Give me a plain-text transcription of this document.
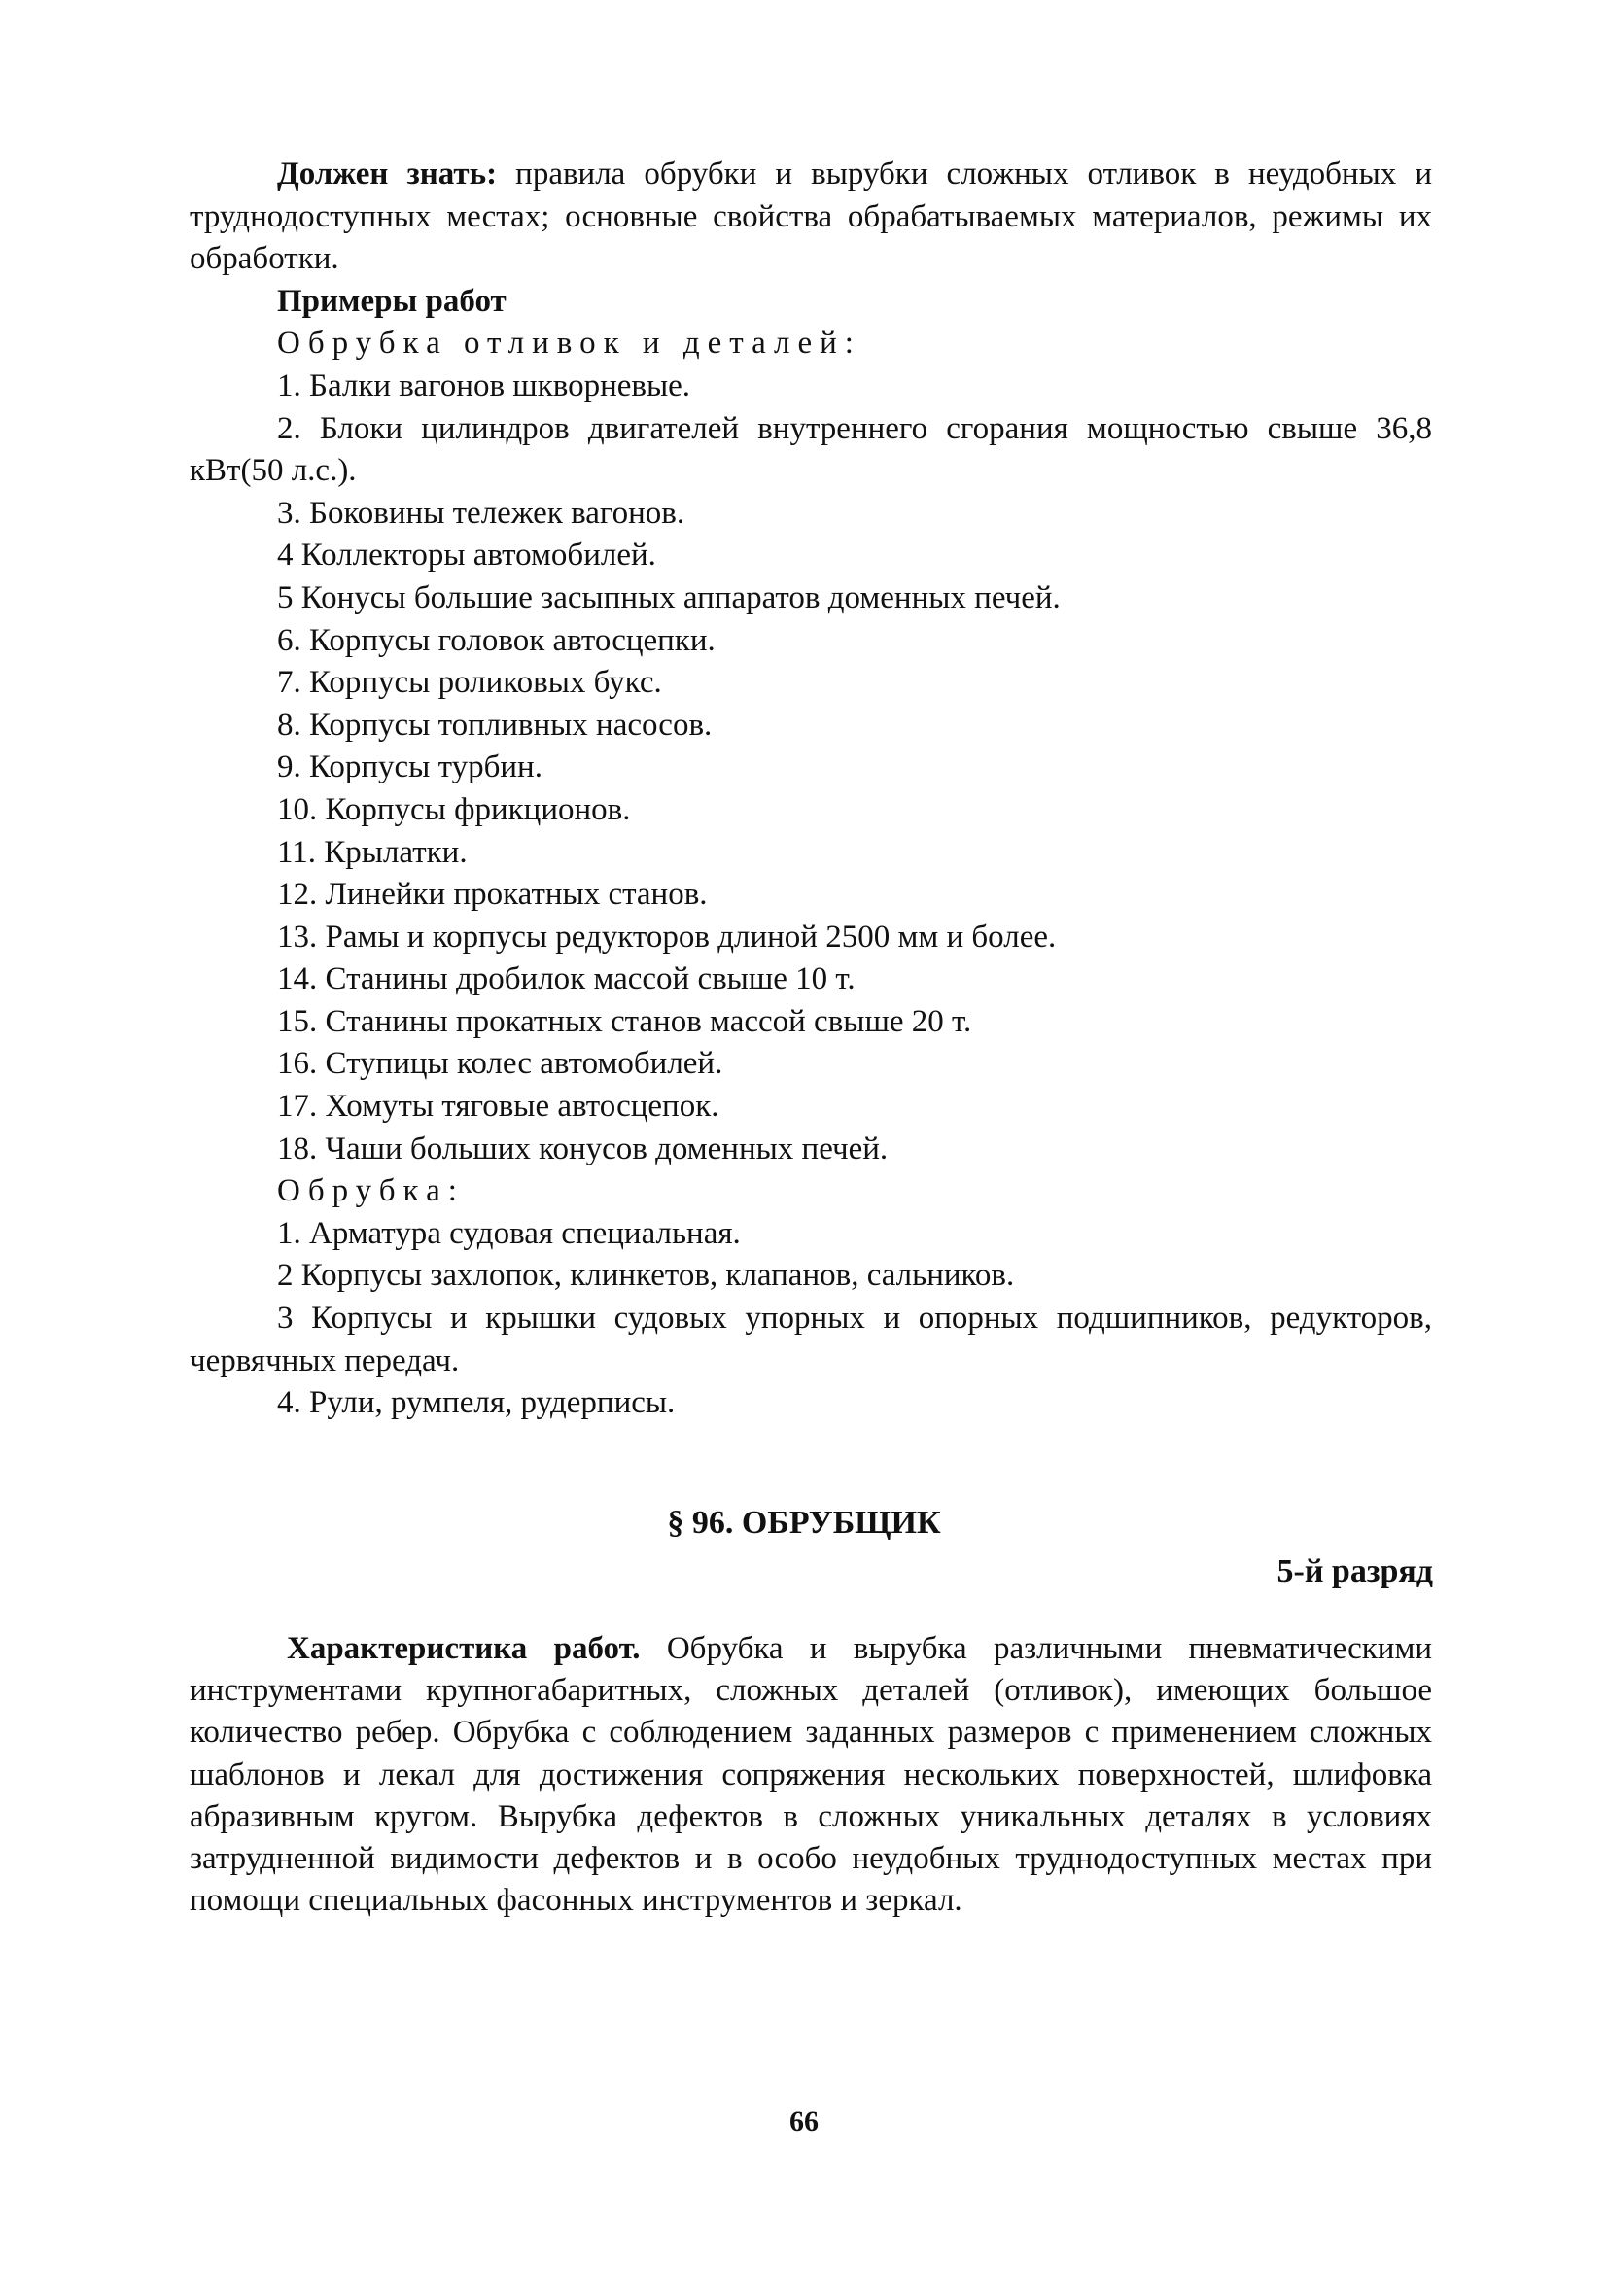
Должен знать: правила обрубки и вырубки сложных отливок в неудобных и труднодоступных местах; основные свойства обрабатываемых материалов, режимы их обработки.

Примеры работ

Обрубка отливок и деталей:

1. Балки вагонов шкворневые.

2. Блоки цилиндров двигателей внутреннего сгорания мощностью свыше 36,8 кВт(50 л.с.).

3. Боковины тележек вагонов.

4 Коллекторы автомобилей.

5 Конусы большие засыпных аппаратов доменных печей.

6. Корпусы головок автосцепки.

7. Корпусы роликовых букс.

8. Корпусы топливных насосов.

9. Корпусы турбин.

10. Корпусы фрикционов.

11. Крылатки.

12. Линейки прокатных станов.

13. Рамы и корпусы редукторов длиной 2500 мм и более.

14. Станины дробилок массой свыше 10 т.

15. Станины прокатных станов массой свыше 20 т.

16. Ступицы колес автомобилей.

17. Хомуты тяговые автосцепок.

18. Чаши больших конусов доменных печей.

Обрубка:

1. Арматура судовая специальная.

2 Корпусы захлопок, клинкетов, клапанов, сальников.

3 Корпусы и крышки судовых упорных и опорных подшипников, редукторов, червячных передач.

4. Рули, румпеля, рудерписы.

§ 96. ОБРУБЩИК
5-й разряд

Характеристика работ. Обрубка и вырубка различными пневматическими инструментами крупногабаритных, сложных деталей (отливок), имеющих большое количество ребер. Обрубка с соблюдением заданных размеров с применением сложных шаблонов и лекал для достижения сопряжения нескольких поверхностей, шлифовка абразивным кругом. Вырубка дефектов в сложных уникальных деталях в условиях затрудненной видимости дефектов и в особо неудобных труднодоступных местах при помощи специальных фасонных инструментов и зеркал.

66
